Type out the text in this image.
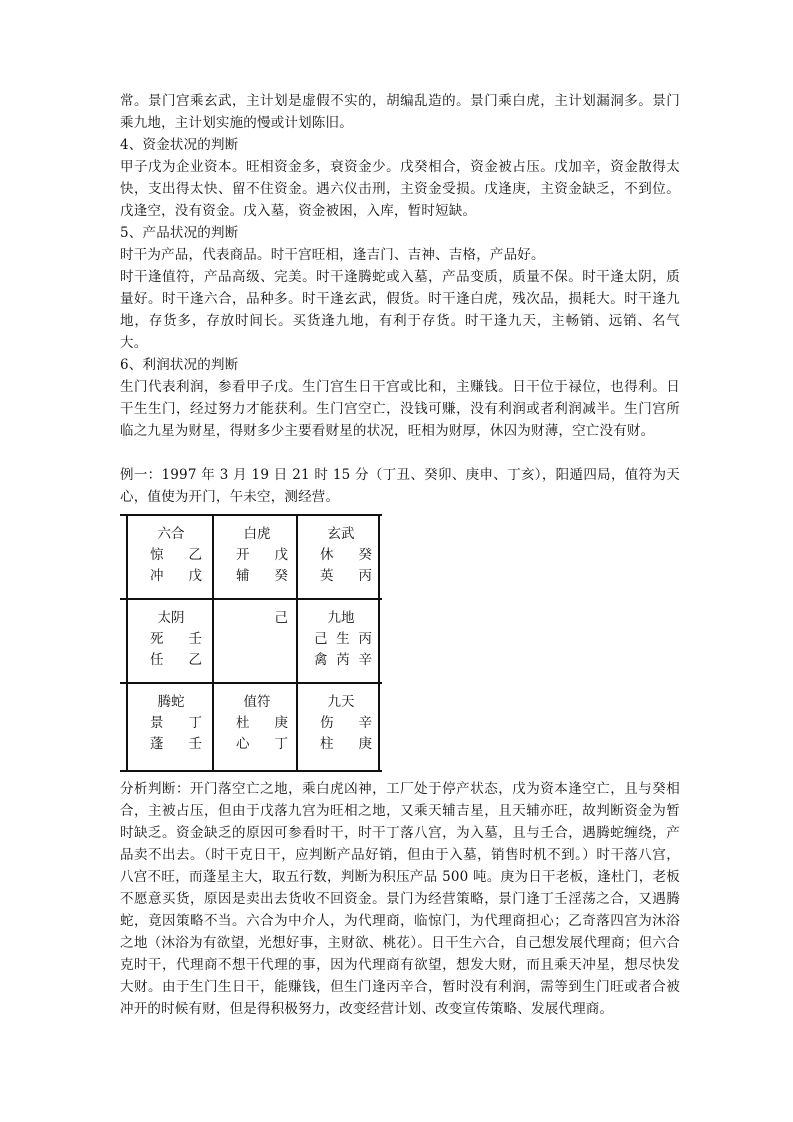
常。景门宫乘玄武，主计划是虚假不实的，胡编乱造的。景门乘白虎，主计划漏洞多。景门乘九地，主计划实施的慢或计划陈旧。

4、资金状况的判断

甲子戊为企业资本。旺相资金多，衰资金少。戊癸相合，资金被占压。戊加辛，资金散得太快，支出得太快、留不住资金。遇六仪击刑，主资金受损。戊逢庚，主资金缺乏，不到位。戊逢空，没有资金。戊入墓，资金被困，入库，暂时短缺。

5、产品状况的判断

时干为产品，代表商品。时干宫旺相，逢吉门、吉神、吉格，产品好。

时干逢值符，产品高级、完美。时干逢腾蛇或入墓，产品变质，质量不保。时干逢太阴，质量好。时干逢六合，品种多。时干逢玄武，假货。时干逢白虎，残次品，损耗大。时干逢九地，存货多，存放时间长。买货逢九地，有利于存货。时干逢九天，主畅销、远销、名气大。

6、利润状况的判断

生门代表利润，参看甲子戊。生门宫生日干宫或比和，主赚钱。日干位于禄位，也得利。日干生生门，经过努力才能获利。生门宫空亡，没钱可赚，没有利润或者利润减半。生门宫所临之九星为财星，得财多少主要看财星的状况，旺相为财厚，休囚为财薄，空亡没有财。

例一：1997 年 3 月 19 日 21 时 15 分（丁丑、癸卯、庚申、丁亥），阳遁四局，值符为天心，值使为开门，午未空，测经营。

六合
惊 乙
冲 戊
白虎
开 戊
辅 癸
玄武
休 癸
英 丙
太阴
死 壬
任 乙
己	九地
己 生 丙
禽 芮 辛
腾蛇
景 丁
蓬 壬
值符
杜 庚
心 丁
九天
伤 辛
柱 庚

分析判断：开门落空亡之地，乘白虎凶神，工厂处于停产状态，戊为资本逢空亡，且与癸相合，主被占压，但由于戊落九宫为旺相之地，又乘天辅吉星，且天辅亦旺，故判断资金为暂时缺乏。资金缺乏的原因可参看时干，时干丁落八宫，为入墓，且与壬合，遇腾蛇缠绕，产品卖不出去。（时干克日干，应判断产品好销，但由于入墓，销售时机不到。）时干落八宫，八宫不旺，而蓬星主大，取五行数，判断为积压产品 500 吨。庚为日干老板，逢杜门，老板不愿意买货，原因是卖出去货收不回资金。景门为经营策略，景门逢丁壬淫荡之合，又遇腾蛇，竟因策略不当。六合为中介人，为代理商，临惊门，为代理商担心；乙奇落四宫为沐浴之地（沐浴为有欲望，光想好事，主财欲、桃花）。日干生六合，自己想发展代理商；但六合克时干，代理商不想干代理的事，因为代理商有欲望，想发大财，而且乘天冲星，想尽快发大财。由于生门生日干，能赚钱，但生门逢丙辛合，暂时没有利润，需等到生门旺或者合被冲开的时候有财，但是得积极努力，改变经营计划、改变宣传策略、发展代理商。
